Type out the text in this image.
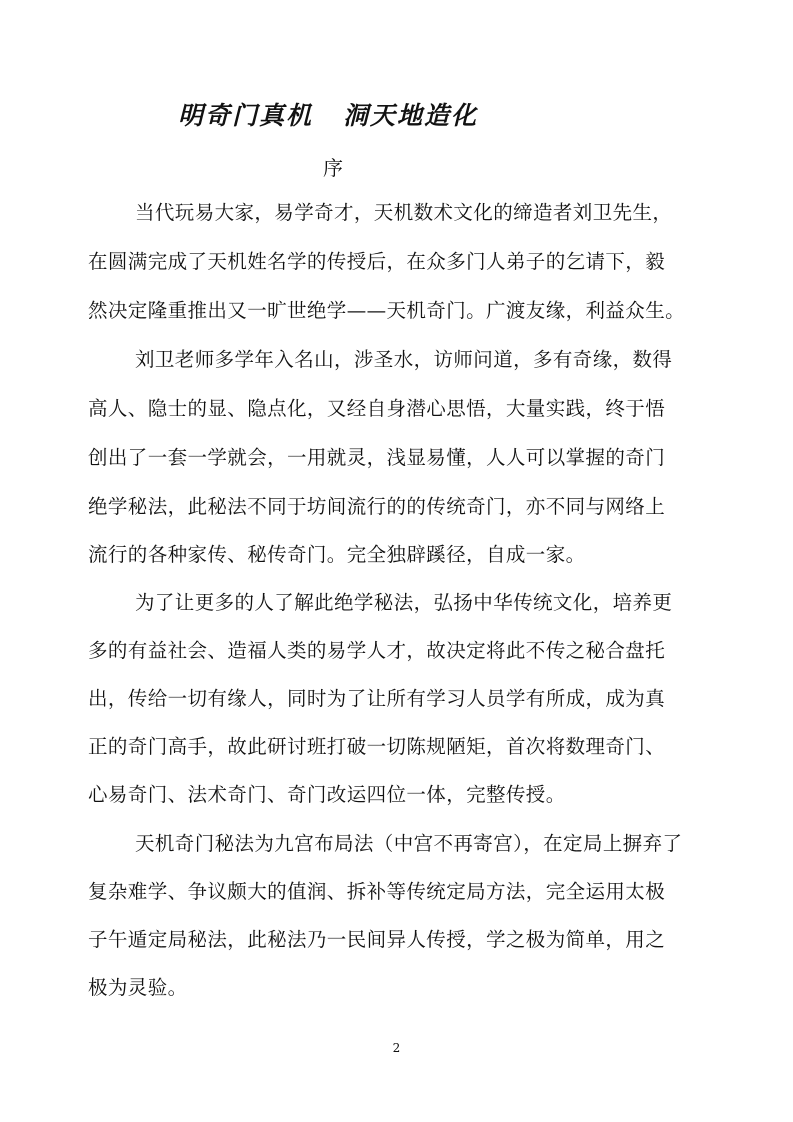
明奇门真机 洞天地造化
序
当代玩易大家，易学奇才，天机数术文化的缔造者刘卫先生，
在圆满完成了天机姓名学的传授后，在众多门人弟子的乞请下，毅
然决定隆重推出又一旷世绝学——天机奇门。广渡友缘，利益众生。
刘卫老师多学年入名山，涉圣水，访师问道，多有奇缘，数得
高人、隐士的显、隐点化，又经自身潜心思悟，大量实践，终于悟
创出了一套一学就会，一用就灵，浅显易懂，人人可以掌握的奇门
绝学秘法，此秘法不同于坊间流行的的传统奇门，亦不同与网络上
流行的各种家传、秘传奇门。完全独辟蹊径，自成一家。
为了让更多的人了解此绝学秘法，弘扬中华传统文化，培养更
多的有益社会、造福人类的易学人才，故决定将此不传之秘合盘托
出，传给一切有缘人，同时为了让所有学习人员学有所成，成为真
正的奇门高手，故此研讨班打破一切陈规陋矩，首次将数理奇门、
心易奇门、法术奇门、奇门改运四位一体，完整传授。
天机奇门秘法为九宫布局法（中宫不再寄宫），在定局上摒弃了
复杂难学、争议颇大的值润、拆补等传统定局方法，完全运用太极
子午遁定局秘法，此秘法乃一民间异人传授，学之极为简单，用之
极为灵验。
2
